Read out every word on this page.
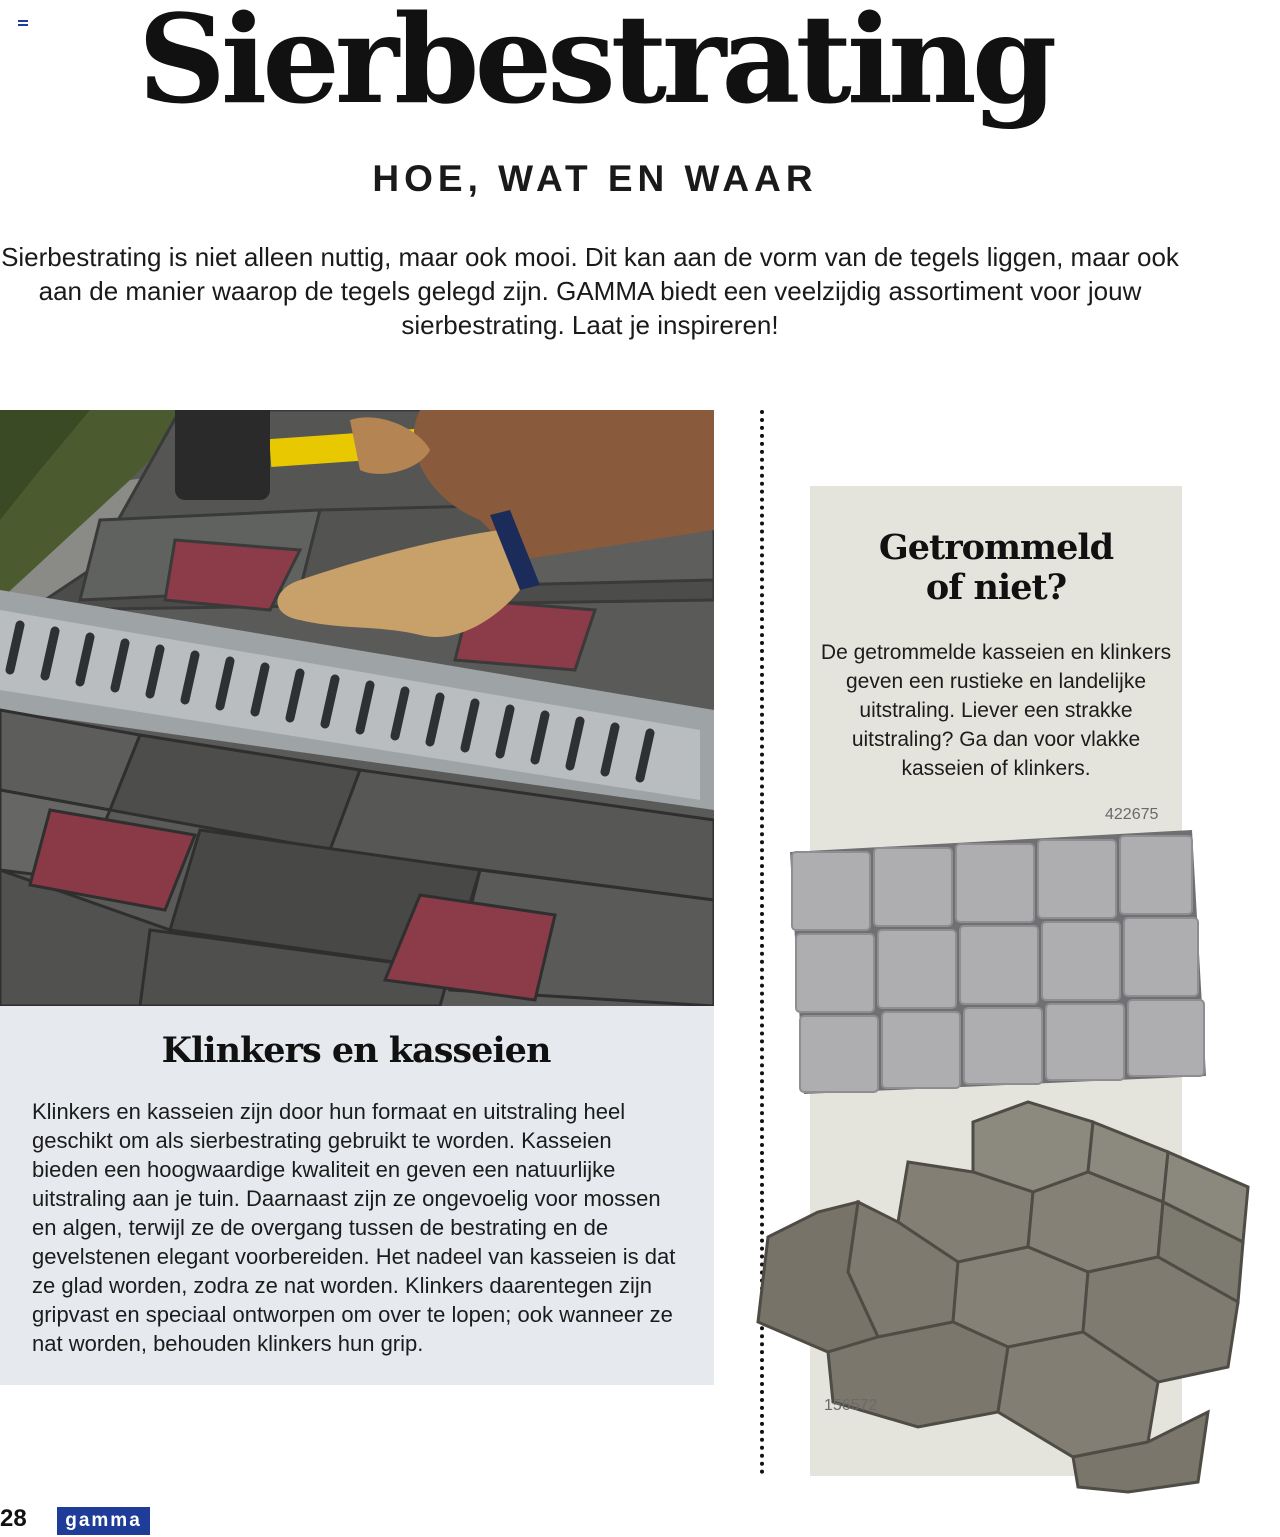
Sierbestrating
HOE, WAT EN WAAR

Sierbestrating is niet alleen nuttig, maar ook mooi. Dit kan aan de vorm van de tegels liggen, maar ook aan de manier waarop de tegels gelegd zijn. GAMMA biedt een veelzijdig assortiment voor jouw sierbestrating. Laat je inspireren!

Klinkers en kasseien

Klinkers en kasseien zijn door hun formaat en uitstraling heel geschikt om als sierbestrating gebruikt te worden. Kasseien bieden een hoogwaardige kwaliteit en geven een natuurlijke uitstraling aan je tuin. Daarnaast zijn ze ongevoelig voor mossen en algen, terwijl ze de overgang tussen de bestrating en de gevelstenen elegant voorbereiden. Het nadeel van kasseien is dat ze glad worden, zodra ze nat worden. Klinkers daarentegen zijn gripvast en speciaal ontworpen om over te lopen; ook wanneer ze nat worden, behouden klinkers hun grip.

Getrommeld
of niet?

De getrommelde kasseien en klinkers geven een rustieke en landelijke uitstraling. Liever een strakke uitstraling? Ga dan voor vlakke kasseien of klinkers.

422675
156572
28	gamma
